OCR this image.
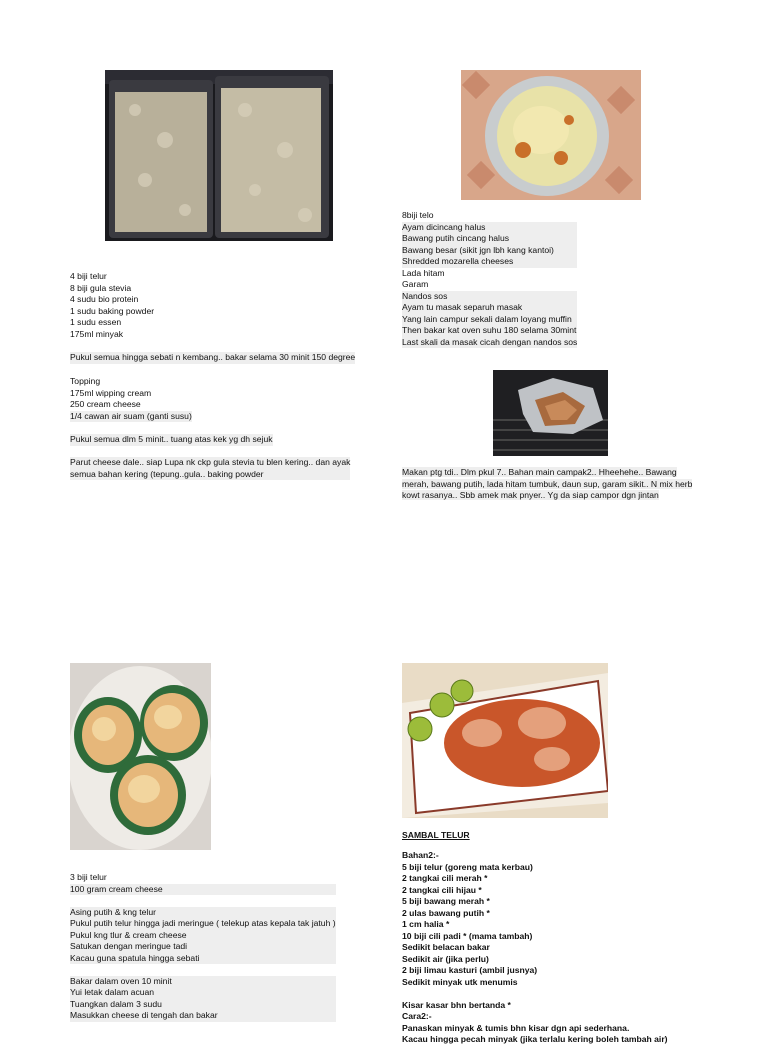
4 biji telur
8 biji gula stevia
4 sudu bio protein
1 sudu baking powder
1 sudu essen
175ml minyak
Pukul semua hingga sebati n kembang.. bakar selama 30 minit 150 degree
Topping
175ml wipping cream
250 cream cheese
1/4 cawan air suam (ganti susu)
Pukul semua dlm 5 minit.. tuang atas kek yg dh sejuk
Parut cheese dale.. siap Lupa nk ckp gula stevia tu blen kering.. dan ayak
semua bahan kering (tepung..gula.. baking powder
8biji telo
Ayam dicincang halus
Bawang putih cincang halus
Bawang besar (sikit jgn lbh kang kantoi)
Shredded mozarella cheeses
Lada hitam
Garam
Nandos sos
Ayam tu masak separuh masak
Yang lain campur sekali dalam loyang muffin
Then bakar kat oven suhu 180 selama 30mint
Last skali da masak cicah dengan nandos sos
Makan ptg tdi.. Dlm pkul 7.. Bahan main campak2.. Hheehehe.. Bawang
merah, bawang putih, lada hitam tumbuk, daun sup, garam sikit.. N mix herb
kowt rasanya.. Sbb amek mak pnyer.. Yg da siap campor dgn jintan
3 biji telur
100 gram cream cheese
Asing putih & kng telur
Pukul putih telur hingga jadi meringue ( telekup atas kepala tak jatuh )
Pukul kng tlur & cream cheese
Satukan dengan meringue tadi
Kacau guna spatula hingga sebati
Bakar dalam oven 10 minit
Yui letak dalam acuan
Tuangkan dalam 3 sudu
Masukkan cheese di tengah dan bakar
SAMBAL TELUR
Bahan2:-
5 biji telur (goreng mata kerbau)
2 tangkai cili merah *
2 tangkai cili hijau *
5 biji bawang merah *
2 ulas bawang putih *
1 cm halia *
10 biji cili padi * (mama tambah)
Sedikit belacan bakar
Sedikit air (jika perlu)
2 biji limau kasturi (ambil jusnya)
Sedikit minyak utk menumis
Kisar kasar bhn bertanda *
Cara2:-
Panaskan minyak & tumis bhn kisar dgn api sederhana.
Kacau hingga pecah minyak (jika terlalu kering boleh tambah air)
